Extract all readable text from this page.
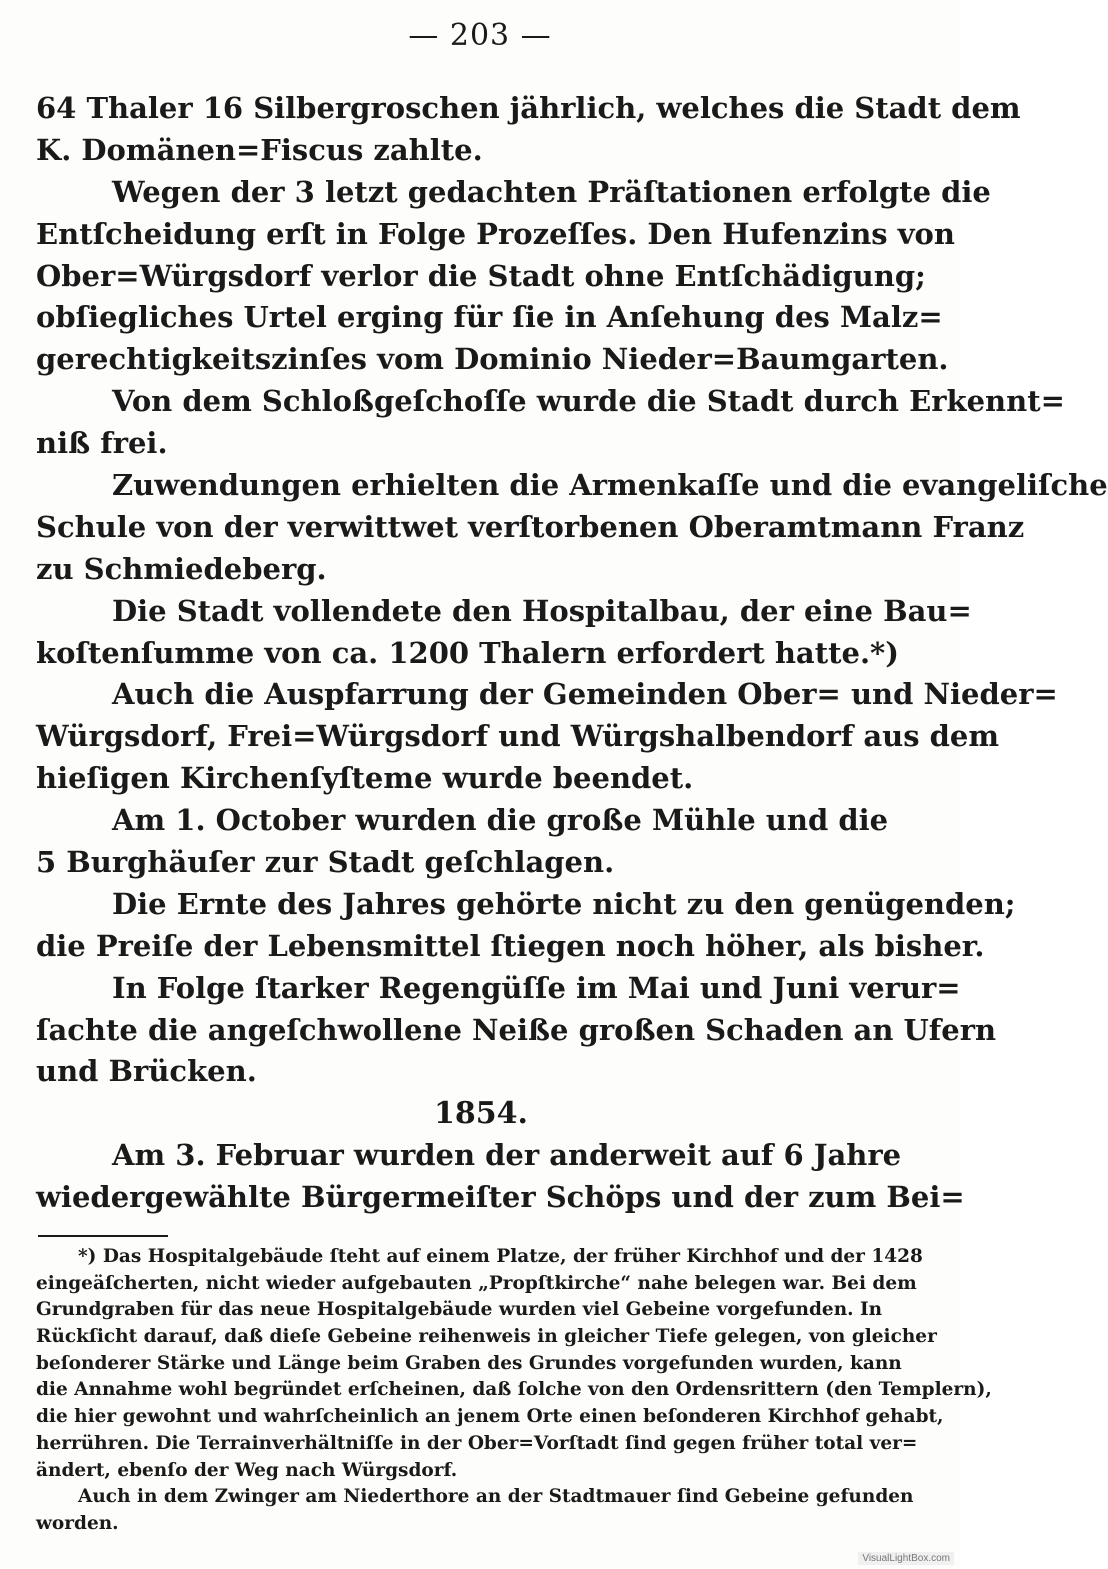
— 203 —
64 Thaler 16 Silbergroschen jährlich, welches die Stadt dem
K. Domänen=Fiscus zahlte.
Wegen der 3 letzt gedachten Präſtationen erfolgte die
Entſcheidung erſt in Folge Prozeſſes. Den Hufenzins von
Ober=Würgsdorf verlor die Stadt ohne Entſchädigung;
obſiegliches Urtel erging für ſie in Anſehung des Malz=
gerechtigkeitszinſes vom Dominio Nieder=Baumgarten.
Von dem Schloßgeſchoſſe wurde die Stadt durch Erkennt=
niß frei.
Zuwendungen erhielten die Armenkaſſe und die evangeliſche
Schule von der verwittwet verſtorbenen Oberamtmann Franz
zu Schmiedeberg.
Die Stadt vollendete den Hospitalbau, der eine Bau=
koſtenſumme von ca. 1200 Thalern erfordert hatte.*)
Auch die Auspfarrung der Gemeinden Ober= und Nieder=
Würgsdorf, Frei=Würgsdorf und Würgshalbendorf aus dem
hieſigen Kirchenſyſteme wurde beendet.
Am 1. October wurden die große Mühle und die
5 Burghäuſer zur Stadt geſchlagen.
Die Ernte des Jahres gehörte nicht zu den genügenden;
die Preiſe der Lebensmittel ſtiegen noch höher, als bisher.
In Folge ſtarker Regengüſſe im Mai und Juni verur=
ſachte die angeſchwollene Neiße großen Schaden an Ufern
und Brücken.
1854.
Am 3. Februar wurden der anderweit auf 6 Jahre
wiedergewählte Bürgermeiſter Schöps und der zum Bei=
*) Das Hospitalgebäude ſteht auf einem Platze, der früher Kirchhof und der 1428
eingeäſcherten, nicht wieder aufgebauten „Propſtkirche“ nahe belegen war. Bei dem
Grundgraben für das neue Hospitalgebäude wurden viel Gebeine vorgefunden. In
Rückſicht darauf, daß dieſe Gebeine reihenweis in gleicher Tiefe gelegen, von gleicher
beſonderer Stärke und Länge beim Graben des Grundes vorgefunden wurden, kann
die Annahme wohl begründet erſcheinen, daß ſolche von den Ordensrittern (den Templern),
die hier gewohnt und wahrſcheinlich an jenem Orte einen beſonderen Kirchhof gehabt,
herrühren. Die Terrainverhältniſſe in der Ober=Vorſtadt ſind gegen früher total ver=
ändert, ebenſo der Weg nach Würgsdorf.
Auch in dem Zwinger am Niederthore an der Stadtmauer ſind Gebeine gefunden
worden.
VisualLightBox.com
